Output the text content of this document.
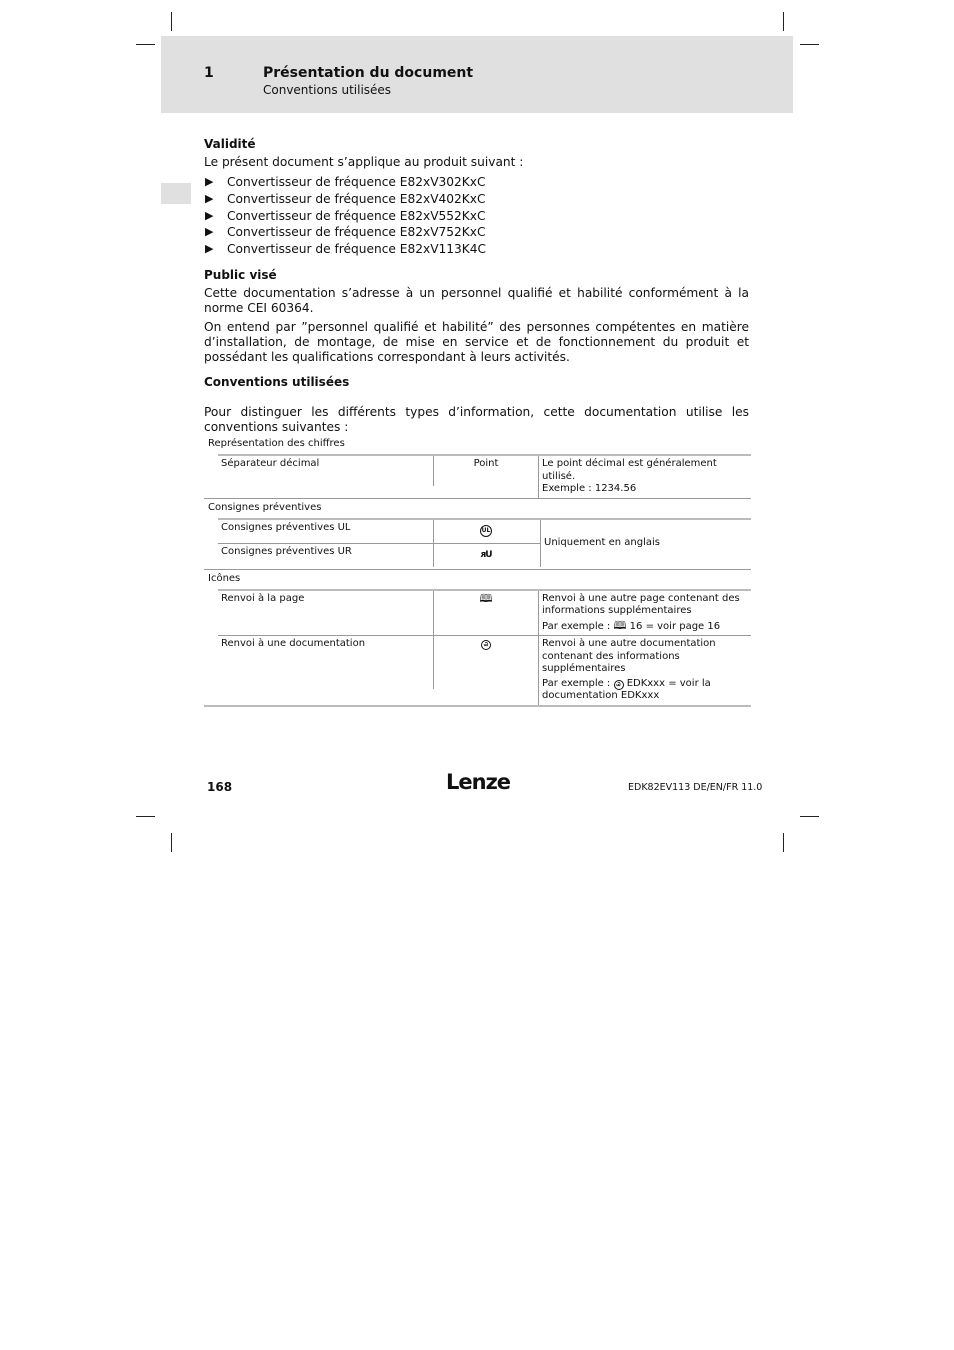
1	Présentation du document
Conventions utilisées
Validité

Le présent document s’applique au produit suivant :

▶ Convertisseur de fréquence E82xV302KxC
▶ Convertisseur de fréquence E82xV402KxC
▶ Convertisseur de fréquence E82xV552KxC
▶ Convertisseur de fréquence E82xV752KxC
▶ Convertisseur de fréquence E82xV113K4C
Public visé

Cette documentation s’adresse à un personnel qualifié et habilité conformément à la norme CEI 60364.

On entend par ”personnel qualifié et habilité” des personnes compétentes en matière d’installation, de montage, de mise en service et de fonctionnement du produit et possédant les qualifications correspondant à leurs activités.

Conventions utilisées

Pour distinguer les différents types d’information, cette documentation utilise les conventions suivantes :

Représentation des chiffres
Séparateur décimal	Point	Le point décimal est généralement utilisé.
Exemple : 1234.56
Consignes préventives
Consignes préventives UL	UL
Consignes préventives UR	ᴙU
Uniquement en anglais
Icônes
Renvoi à la page	🕮	Renvoi à une autre page contenant des informations supplémentaires
Par exemple : 🕮 16 = voir page 16
Renvoi à une documentation	Ꮚ	Renvoi à une autre documentation contenant des informations supplémentaires
Par exemple : Ꮚ EDKxxx = voir la documentation EDKxxx
168	Lenze	EDK82EV113 DE/EN/FR 11.0
